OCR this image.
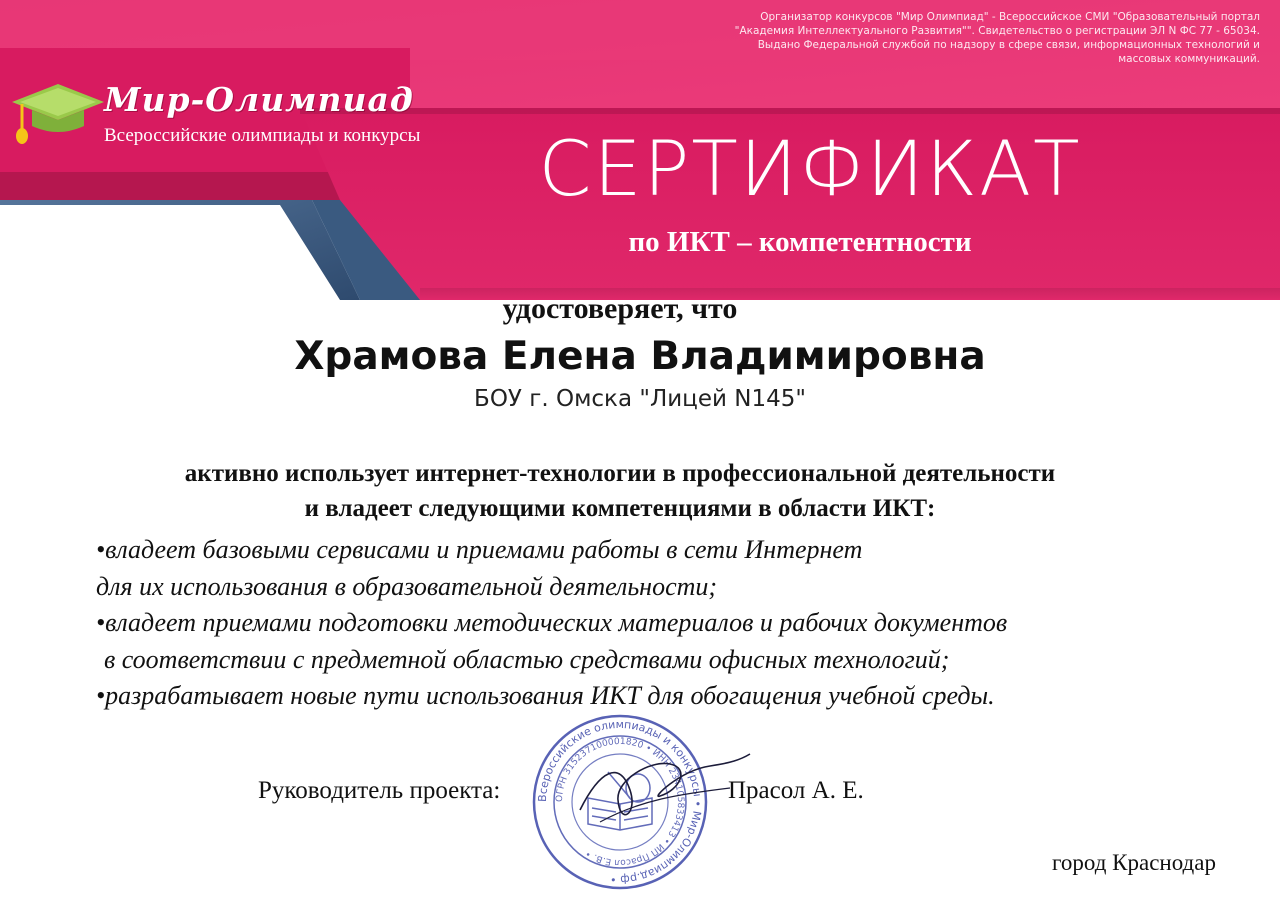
Организатор конкурсов "Мир Олимпиад" - Всероссийское СМИ "Образовательный портал
"Академия Интеллектуального Развития"". Свидетельство о регистрации ЭЛ N ФС 77 - 65034.
Выдано Федеральной службой по надзору в сфере связи, информационных технологий и
массовых коммуникаций.
Мир-Олимпиад
Всероссийские олимпиады и конкурсы	СЕРТИФИКАТ
по ИКТ – компетентности
удостоверяет, что
Храмова Елена Владимировна
БОУ г. Омска "Лицей N145"
активно использует интернет-технологии в профессиональной деятельности
и владеет следующими компетенциями в области ИКТ:
•владеет базовыми сервисами и приемами работы в сети Интернет
для их использования в образовательной деятельности;
•владеет приемами подготовки методических материалов и рабочих документов
в соответствии с предметной областью средствами офисных технологий;
•разрабатывает новые пути использования ИКТ для обогащения учебной среды.
Руководитель проекта:	Всероссийские олимпиады и конкурсы • Мир-Олимпиад.рф •
ОГРН 315237100001820 • ИНН 234105833413 • ИП Прасол Е.В. •
Прасол А. Е.
город Краснодар
